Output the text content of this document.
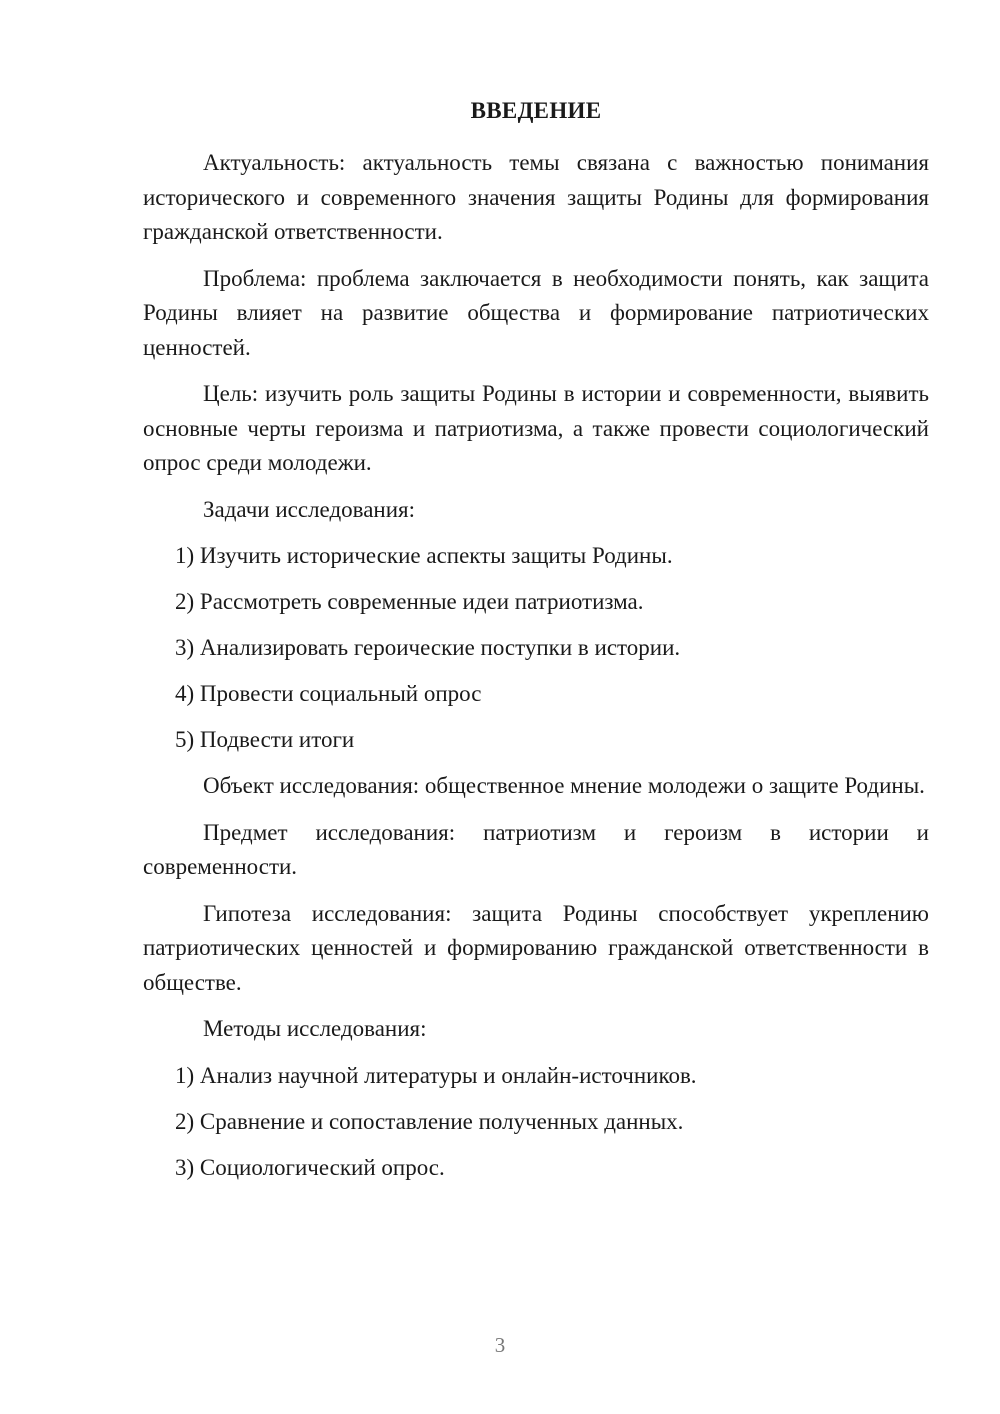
ВВЕДЕНИЕ

Актуальность: актуальность темы связана с важностью понимания исторического и современного значения защиты Родины для формирования гражданской ответственности.

Проблема: проблема заключается в необходимости понять, как защита Родины влияет на развитие общества и формирование патриотических ценностей.

Цель: изучить роль защиты Родины в истории и современности, выявить основные черты героизма и патриотизма, а также провести социологический опрос среди молодежи.

Задачи исследования:

1) Изучить исторические аспекты защиты Родины.
2) Рассмотреть современные идеи патриотизма.
3) Анализировать героические поступки в истории.
4) Провести социальный опрос
5) Подвести итоги

Объект исследования: общественное мнение молодежи о защите Родины.

Предмет исследования: патриотизм и героизм в истории и современности.

Гипотеза исследования: защита Родины способствует укреплению патриотических ценностей и формированию гражданской ответственности в обществе.

Методы исследования:

1) Анализ научной литературы и онлайн-источников.
2) Сравнение и сопоставление полученных данных.
3) Социологический опрос.
3
